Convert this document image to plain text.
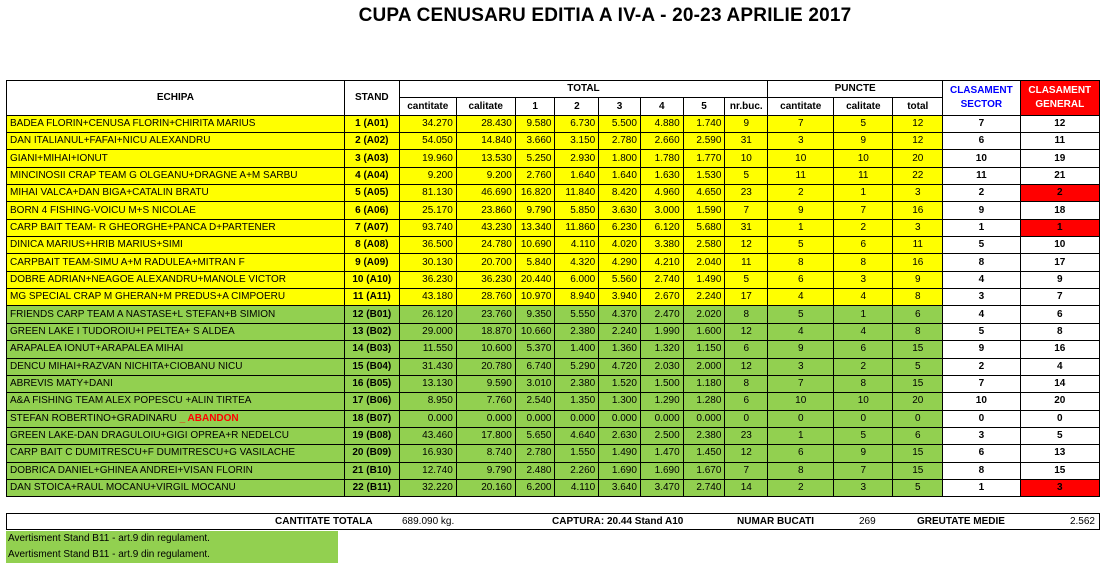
CUPA CENUSARU EDITIA A IV-A - 20-23 APRILIE 2017
ECHIPA	STAND	TOTAL								PUNCTE			CLASAMENT SECTOR	CLASAMENT GENERAL
		cantitate	calitate	1	2	3	4	5	nr.buc.	cantitate	calitate	total		
BADEA FLORIN+CENUSA FLORIN+CHIRITA MARIUS	1 (A01)	34.270	28.430	9.580	6.730	5.500	4.880	1.740	9	7	5	12	7	12
DAN ITALIANUL+FAFAI+NICU ALEXANDRU	2 (A02)	54.050	14.840	3.660	3.150	2.780	2.660	2.590	31	3	9	12	6	11
GIANI+MIHAI+IONUT	3 (A03)	19.960	13.530	5.250	2.930	1.800	1.780	1.770	10	10	10	20	10	19
MINCINOSII CRAP TEAM G OLGEANU+DRAGNE A+M SARBU	4 (A04)	9.200	9.200	2.760	1.640	1.640	1.630	1.530	5	11	11	22	11	21
MIHAI VALCA+DAN BIGA+CATALIN BRATU	5 (A05)	81.130	46.690	16.820	11.840	8.420	4.960	4.650	23	2	1	3	2	2
BORN 4 FISHING-VOICU M+S NICOLAE	6 (A06)	25.170	23.860	9.790	5.850	3.630	3.000	1.590	7	9	7	16	9	18
CARP BAIT TEAM- R GHEORGHE+PANCA D+PARTENER	7 (A07)	93.740	43.230	13.340	11.860	6.230	6.120	5.680	31	1	2	3	1	1
DINICA MARIUS+HRIB MARIUS+SIMI	8 (A08)	36.500	24.780	10.690	4.110	4.020	3.380	2.580	12	5	6	11	5	10
CARPBAIT TEAM-SIMU A+M RADULEA+MITRAN F	9 (A09)	30.130	20.700	5.840	4.320	4.290	4.210	2.040	11	8	8	16	8	17
DOBRE ADRIAN+NEAGOE ALEXANDRU+MANOLE VICTOR	10 (A10)	36.230	36.230	20.440	6.000	5.560	2.740	1.490	5	6	3	9	4	9
MG SPECIAL CRAP M GHERAN+M PREDUS+A CIMPOERU	11 (A11)	43.180	28.760	10.970	8.940	3.940	2.670	2.240	17	4	4	8	3	7
FRIENDS CARP TEAM A NASTASE+L STEFAN+B SIMION	12 (B01)	26.120	23.760	9.350	5.550	4.370	2.470	2.020	8	5	1	6	4	6
GREEN LAKE I TUDOROIU+I PELTEA+ S ALDEA	13 (B02)	29.000	18.870	10.660	2.380	2.240	1.990	1.600	12	4	4	8	5	8
ARAPALEA IONUT+ARAPALEA MIHAI	14 (B03)	11.550	10.600	5.370	1.400	1.360	1.320	1.150	6	9	6	15	9	16
DENCU MIHAI+RAZVAN NICHITA+CIOBANU NICU	15 (B04)	31.430	20.780	6.740	5.290	4.720	2.030	2.000	12	3	2	5	2	4
ABREVIS MATY+DANI	16 (B05)	13.130	9.590	3.010	2.380	1.520	1.500	1.180	8	7	8	15	7	14
A&A FISHING TEAM ALEX POPESCU +ALIN TIRTEA	17 (B06)	8.950	7.760	2.540	1.350	1.300	1.290	1.280	6	10	10	20	10	20
STEFAN ROBERTINO+GRADINARU _ ABANDON	18 (B07)	0.000	0.000	0.000	0.000	0.000	0.000	0.000	0	0	0	0	0	0
GREEN LAKE-DAN DRAGULOIU+GIGI OPREA+R NEDELCU	19 (B08)	43.460	17.800	5.650	4.640	2.630	2.500	2.380	23	1	5	6	3	5
CARP BAIT C DUMITRESCU+F DUMITRESCU+G VASILACHE	20 (B09)	16.930	8.740	2.780	1.550	1.490	1.470	1.450	12	6	9	15	6	13
DOBRICA DANIEL+GHINEA ANDREI+VISAN FLORIN	21 (B10)	12.740	9.790	2.480	2.260	1.690	1.690	1.670	7	8	7	15	8	15
DAN STOICA+RAUL MOCANU+VIRGIL MOCANU	22 (B11)	32.220	20.160	6.200	4.110	3.640	3.470	2.740	14	2	3	5	1	3
CANTITATE TOTALA	689.090 kg.	CAPTURA: 20.44 Stand A10	NUMAR BUCATI	269	GREUTATE MEDIE	2.562
Avertisment Stand B11 - art.9 din regulament.
Avertisment Stand B11 - art.9 din regulament.
